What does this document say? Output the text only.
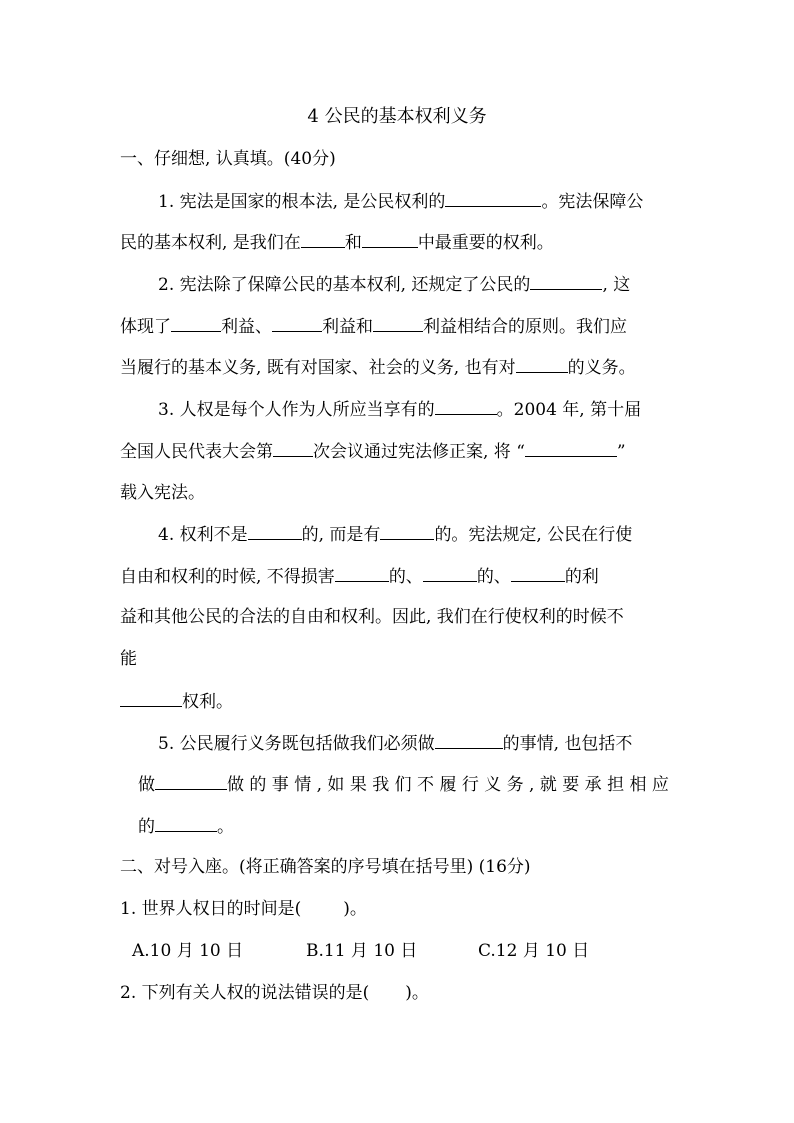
4 公民的基本权利义务
一、仔细想, 认真填。(40分)
1. 宪法是国家的根本法, 是公民权利的	。宪法保障公
民的基本权利, 是我们在	和	中最重要的权利。
2. 宪法除了保障公民的基本权利, 还规定了公民的	, 这
体现了	利益、	利益和	利益相结合的原则。我们应
当履行的基本义务, 既有对国家、社会的义务, 也有对	的义务。
3. 人权是每个人作为人所应当享有的	。2004 年, 第十届
全国人民代表大会第 次会议通过宪法修正案, 将 “	”
载入宪法。
4. 权利不是	的, 而是有	的。宪法规定, 公民在行使
自由和权利的时候, 不得损害	的、	的、	的利
益和其他公民的合法的自由和权利。因此, 我们在行使权利的时候不
能
权利。
5. 公民履行义务既包括做我们必须做	的事情, 也包括不
做	做 的 事 情 , 如 果 我 们 不 履 行 义 务 , 就 要 承 担 相 应
的	。
二、对号入座。(将正确答案的序号填在括号里) (16分)
1. 世界人权日的时间是( )。
A.10 月 10 日	B.11 月 10 日	C.12 月 10 日
2. 下列有关人权的说法错误的是( )。
